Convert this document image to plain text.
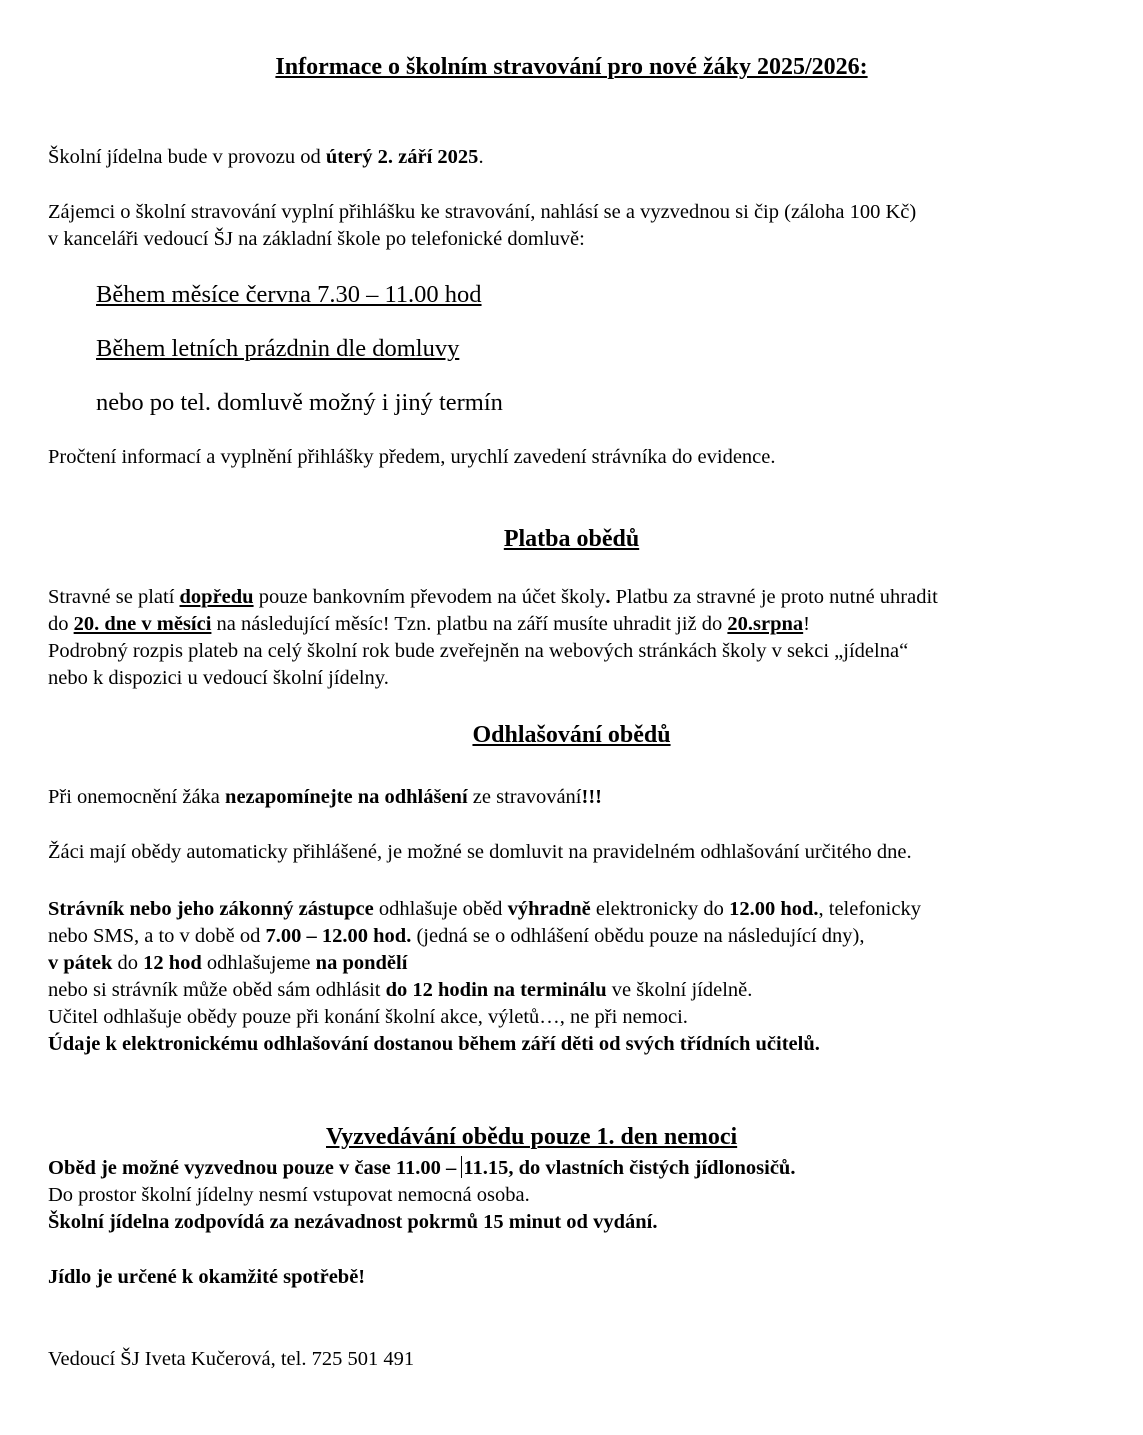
Informace o školním stravování pro nové žáky 2025/2026:
Školní jídelna bude v provozu od úterý 2. září 2025.
Zájemci o školní stravování vyplní přihlášku ke stravování, nahlásí se a vyzvednou si čip (záloha 100 Kč)
v kanceláři vedoucí ŠJ na základní škole po telefonické domluvě:
Během měsíce června 7.30 – 11.00 hod
Během letních prázdnin dle domluvy
nebo po tel. domluvě možný i jiný termín
Pročtení informací a vyplnění přihlášky předem, urychlí zavedení strávníka do evidence.
Platba obědů
Stravné se platí dopředu pouze bankovním převodem na účet školy. Platbu za stravné je proto nutné uhradit
do 20. dne v měsíci na následující měsíc! Tzn. platbu na září musíte uhradit již do 20.srpna!
Podrobný rozpis plateb na celý školní rok bude zveřejněn na webových stránkách školy v sekci „jídelna“
nebo k dispozici u vedoucí školní jídelny.
Odhlašování obědů
Při onemocnění žáka nezapomínejte na odhlášení ze stravování!!!
Žáci mají obědy automaticky přihlášené, je možné se domluvit na pravidelném odhlašování určitého dne.
Strávník nebo jeho zákonný zástupce odhlašuje oběd výhradně elektronicky do 12.00 hod., telefonicky
nebo SMS, a to v době od 7.00 – 12.00 hod. (jedná se o odhlášení obědu pouze na následující dny),
v pátek do 12 hod odhlašujeme na pondělí
nebo si strávník může oběd sám odhlásit do 12 hodin na terminálu ve školní jídelně.
Učitel odhlašuje obědy pouze při konání školní akce, výletů…, ne při nemoci.
Údaje k elektronickému odhlašování dostanou během září děti od svých třídních učitelů.
Vyzvedávání obědu pouze 1. den nemoci
Oběd je možné vyzvednou pouze v čase 11.00 – 11.15, do vlastních čistých jídlonosičů.
Do prostor školní jídelny nesmí vstupovat nemocná osoba.
Školní jídelna zodpovídá za nezávadnost pokrmů 15 minut od vydání.
Jídlo je určené k okamžité spotřebě!
Vedoucí ŠJ Iveta Kučerová, tel. 725 501 491
